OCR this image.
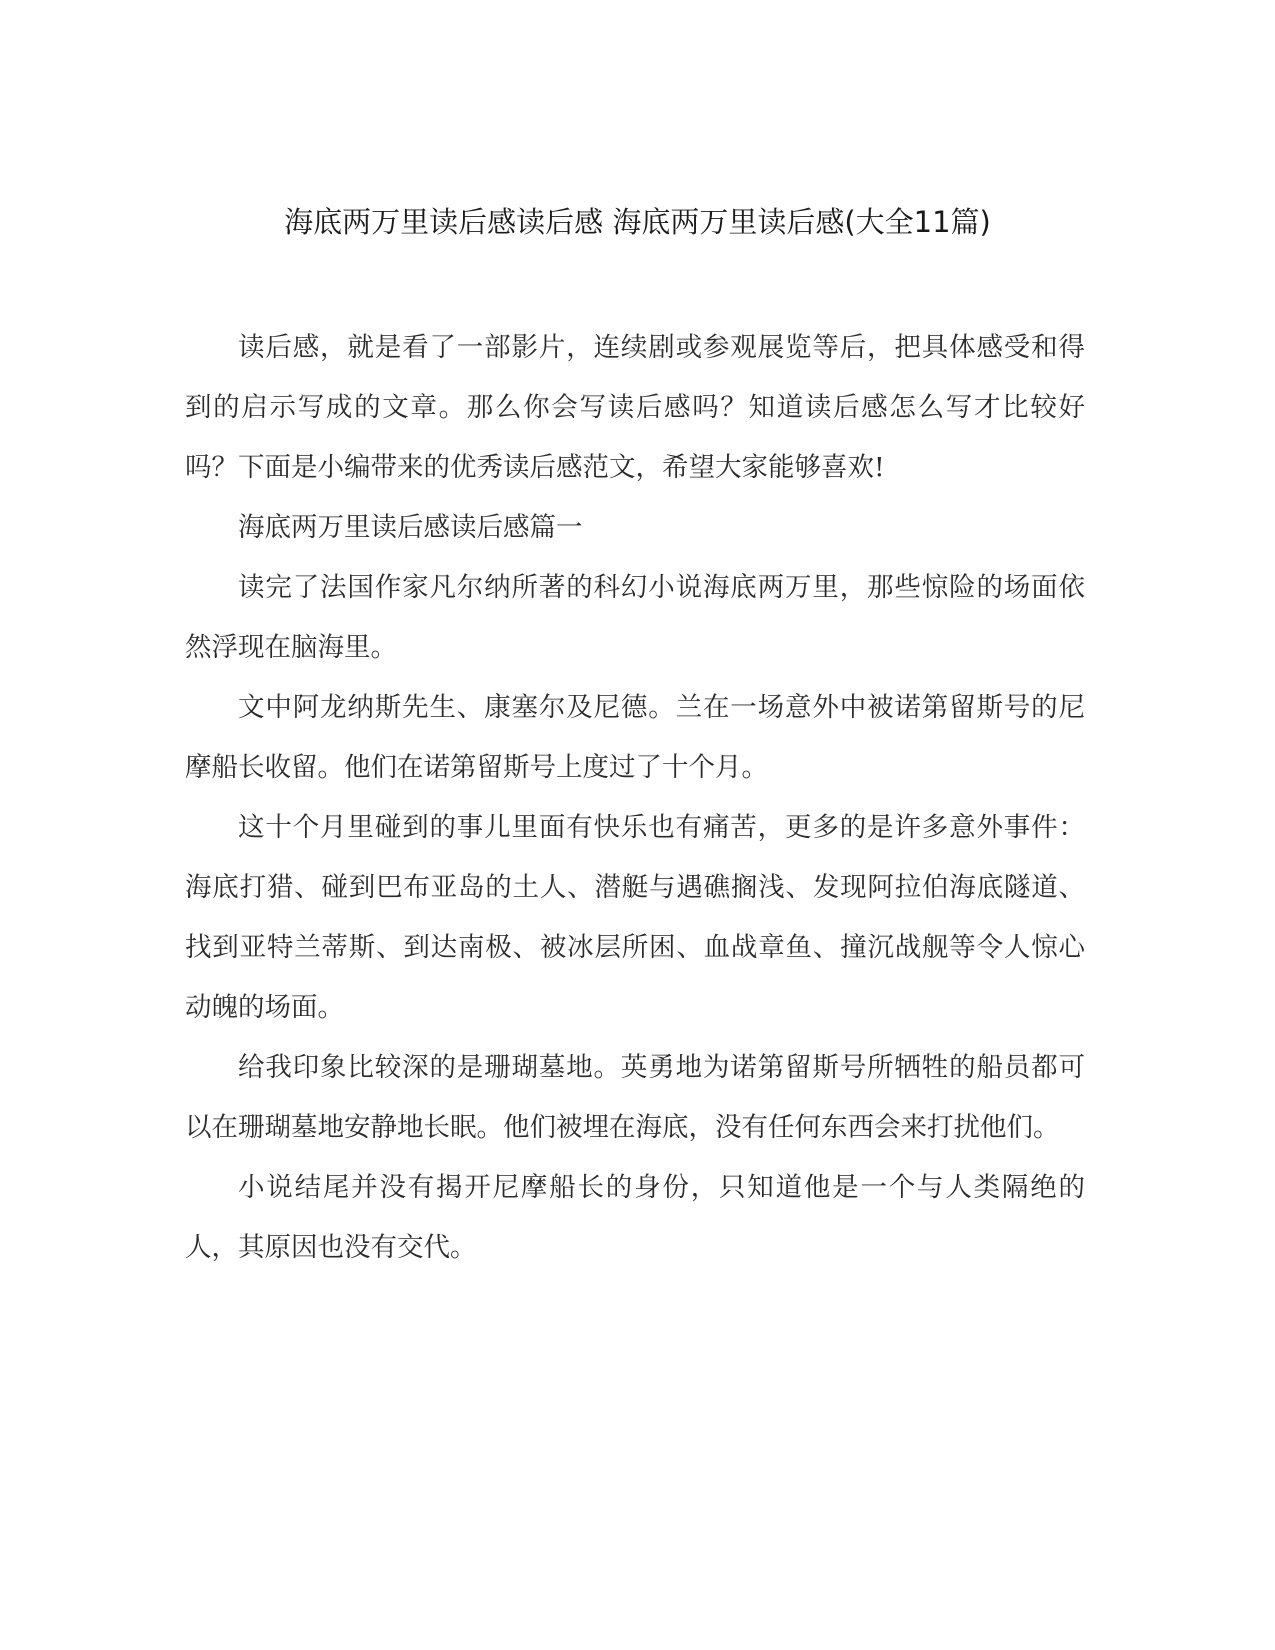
海底两万里读后感读后感 海底两万里读后感(大全11篇)

读后感，就是看了一部影片，连续剧或参观展览等后，把具体感受和得到的启示写成的文章。那么你会写读后感吗？知道读后感怎么写才比较好吗？下面是小编带来的优秀读后感范文，希望大家能够喜欢!

海底两万里读后感读后感篇一

读完了法国作家凡尔纳所著的科幻小说海底两万里，那些惊险的场面依然浮现在脑海里。

文中阿龙纳斯先生、康塞尔及尼德。兰在一场意外中被诺第留斯号的尼摩船长收留。他们在诺第留斯号上度过了十个月。

这十个月里碰到的事儿里面有快乐也有痛苦，更多的是许多意外事件：海底打猎、碰到巴布亚岛的土人、潜艇与遇礁搁浅、发现阿拉伯海底隧道、找到亚特兰蒂斯、到达南极、被冰层所困、血战章鱼、撞沉战舰等令人惊心动魄的场面。

给我印象比较深的是珊瑚墓地。英勇地为诺第留斯号所牺牲的船员都可以在珊瑚墓地安静地长眠。他们被埋在海底，没有任何东西会来打扰他们。

小说结尾并没有揭开尼摩船长的身份，只知道他是一个与人类隔绝的人，其原因也没有交代。
